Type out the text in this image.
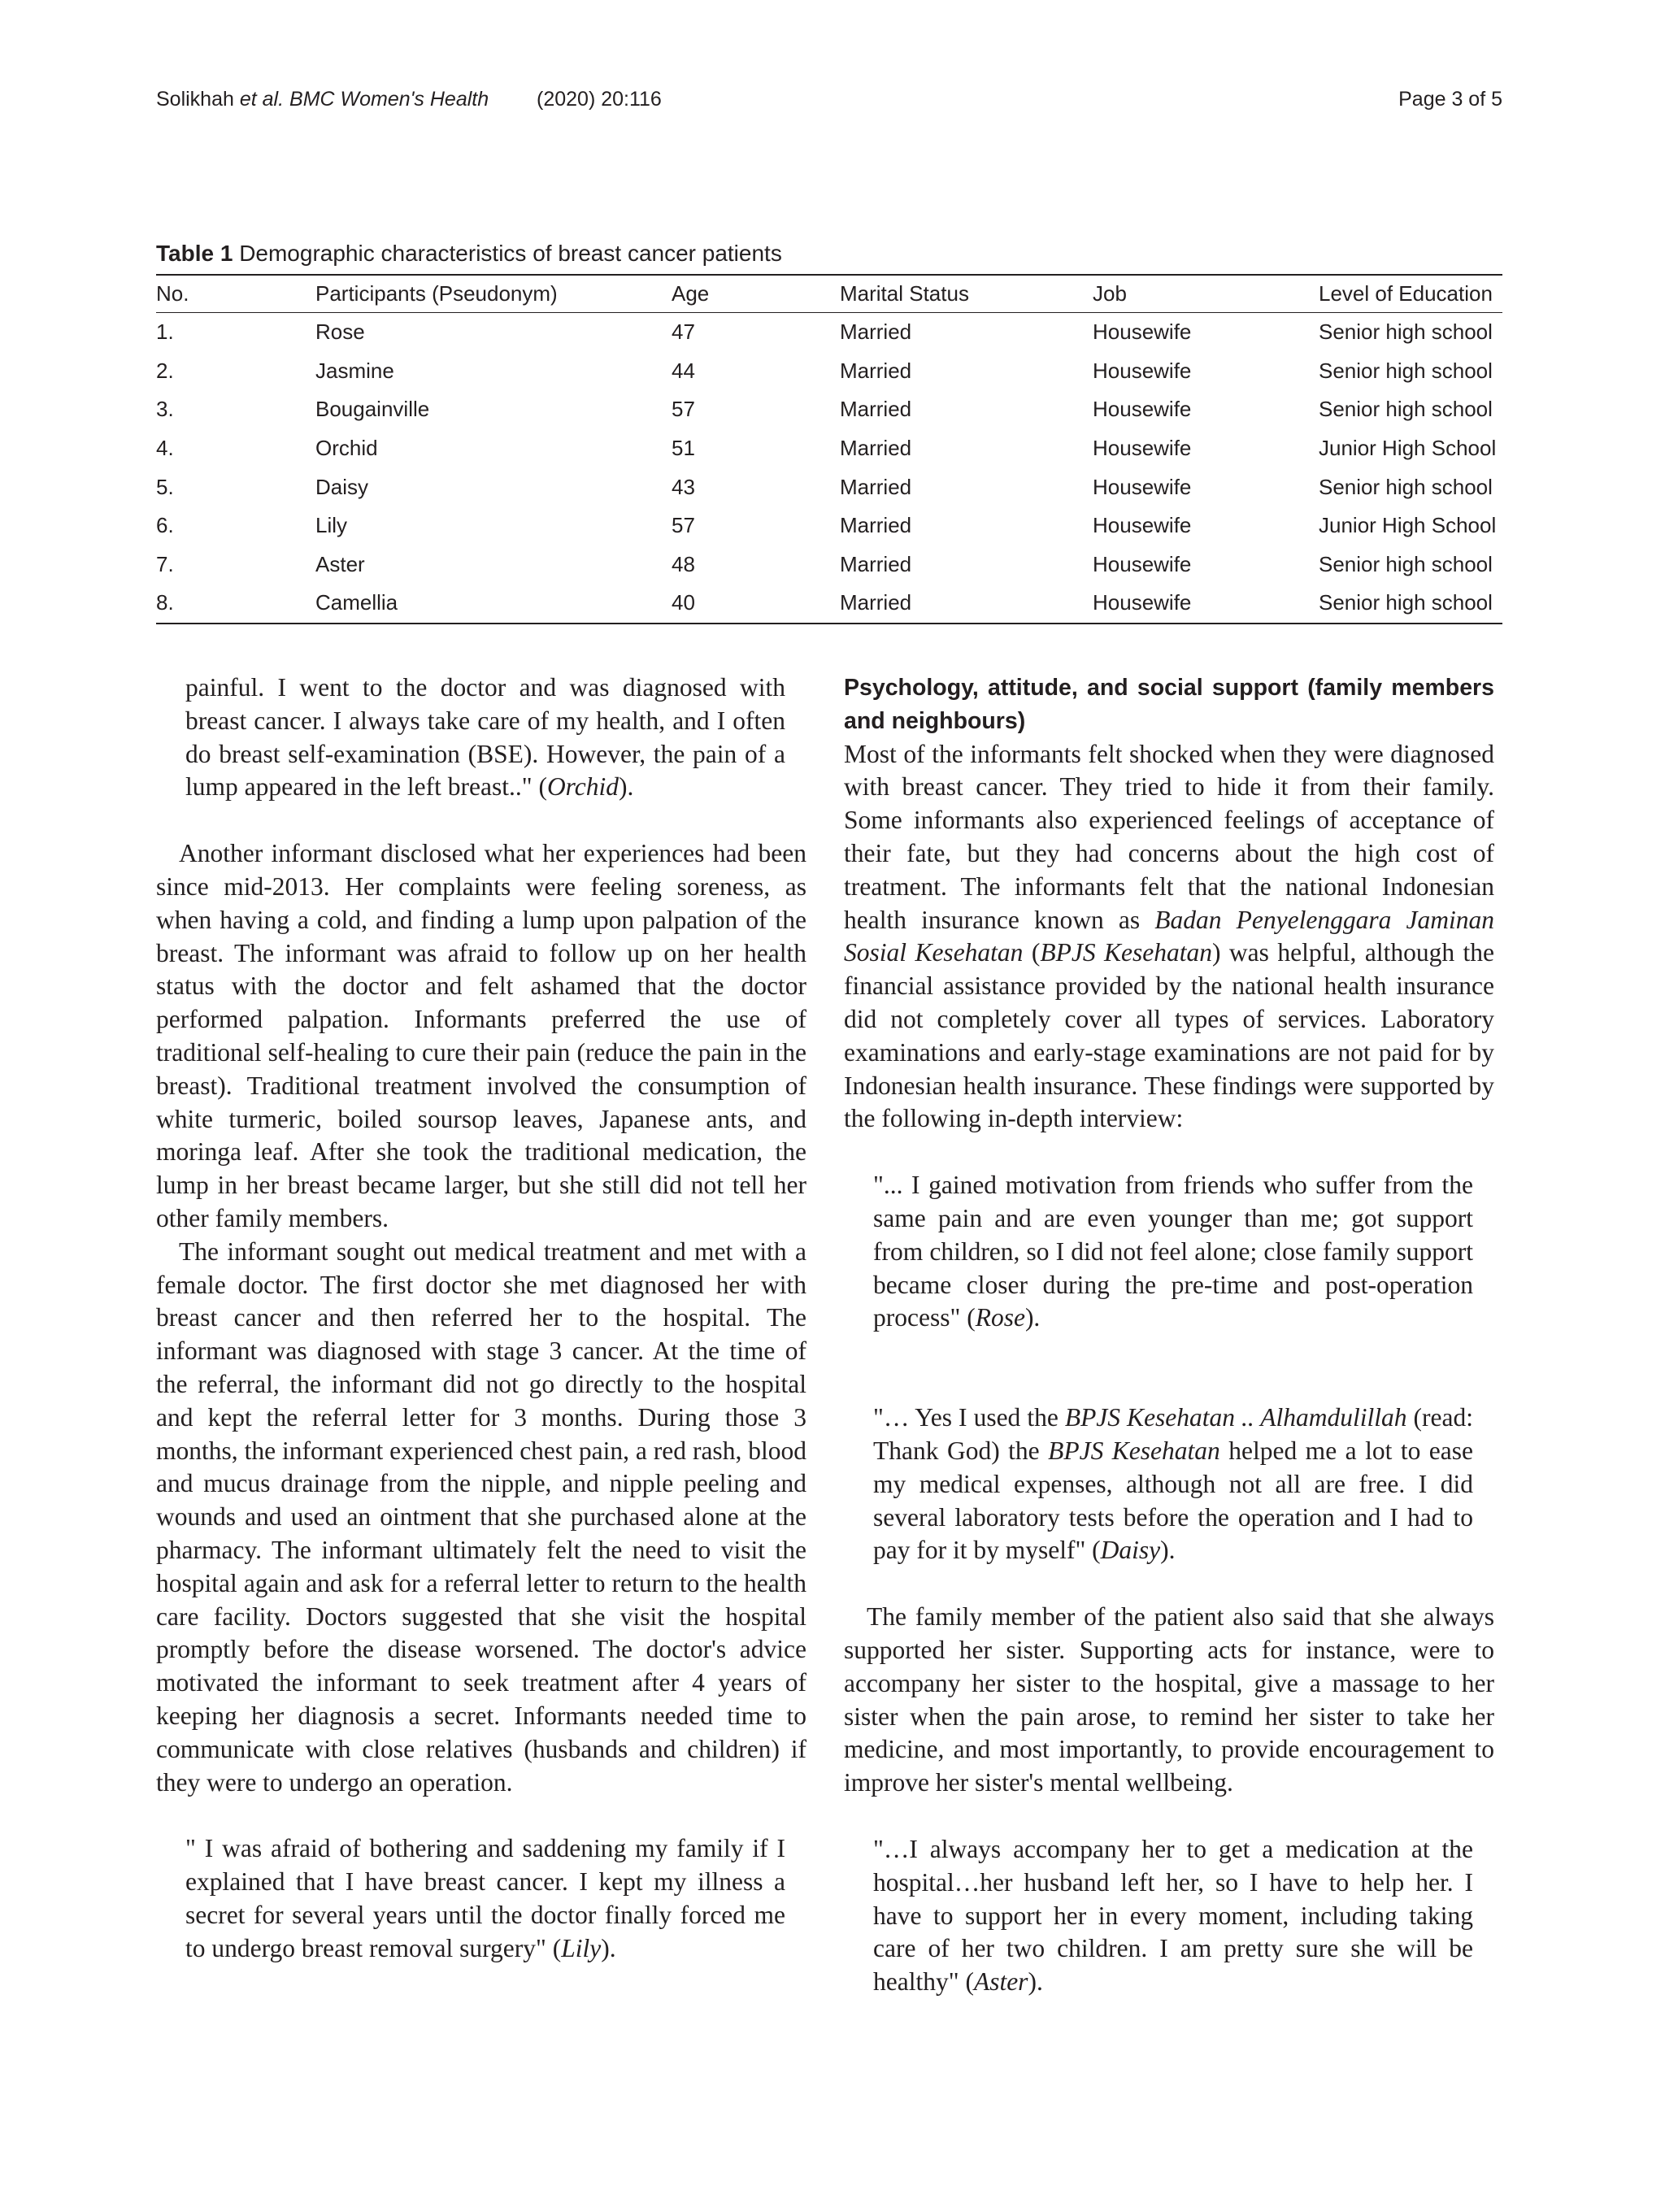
Solikhah et al. BMC Women's Health (2020) 20:116	Page 3 of 5
Table 1 Demographic characteristics of breast cancer patients
No.	Participants (Pseudonym)	Age	Marital Status	Job	Level of Education
1.	Rose	47	Married	Housewife	Senior high school
2.	Jasmine	44	Married	Housewife	Senior high school
3.	Bougainville	57	Married	Housewife	Senior high school
4.	Orchid	51	Married	Housewife	Junior High School
5.	Daisy	43	Married	Housewife	Senior high school
6.	Lily	57	Married	Housewife	Junior High School
7.	Aster	48	Married	Housewife	Senior high school
8.	Camellia	40	Married	Housewife	Senior high school

painful. I went to the doctor and was diagnosed with breast cancer. I always take care of my health, and I often do breast self-examination (BSE). However, the pain of a lump appeared in the left breast.." (Orchid).

Another informant disclosed what her experiences had been since mid-2013. Her complaints were feeling soreness, as when having a cold, and finding a lump upon palpation of the breast. The informant was afraid to follow up on her health status with the doctor and felt ashamed that the doctor performed palpation. Informants preferred the use of traditional self-healing to cure their pain (reduce the pain in the breast). Traditional treatment involved the consumption of white turmeric, boiled soursop leaves, Japanese ants, and moringa leaf. After she took the traditional medication, the lump in her breast became larger, but she still did not tell her other family members.

The informant sought out medical treatment and met with a female doctor. The first doctor she met diagnosed her with breast cancer and then referred her to the hospital. The informant was diagnosed with stage 3 cancer. At the time of the referral, the informant did not go directly to the hospital and kept the referral letter for 3 months. During those 3 months, the informant experienced chest pain, a red rash, blood and mucus drainage from the nipple, and nipple peeling and wounds and used an ointment that she purchased alone at the pharmacy. The informant ultimately felt the need to visit the hospital again and ask for a referral letter to return to the health care facility. Doctors suggested that she visit the hospital promptly before the disease worsened. The doctor's advice motivated the informant to seek treatment after 4 years of keeping her diagnosis a secret. Informants needed time to communicate with close relatives (husbands and children) if they were to undergo an operation.

" I was afraid of bothering and saddening my family if I explained that I have breast cancer. I kept my illness a secret for several years until the doctor finally forced me to undergo breast removal surgery" (Lily).

Psychology, attitude, and social support (family members and neighbours)

Most of the informants felt shocked when they were diagnosed with breast cancer. They tried to hide it from their family. Some informants also experienced feelings of acceptance of their fate, but they had concerns about the high cost of treatment. The informants felt that the national Indonesian health insurance known as Badan Penyelenggara Jaminan Sosial Kesehatan (BPJS Kesehatan) was helpful, although the financial assistance provided by the national health insurance did not completely cover all types of services. Laboratory examinations and early-stage examinations are not paid for by Indonesian health insurance. These findings were supported by the following in-depth interview:

"... I gained motivation from friends who suffer from the same pain and are even younger than me; got support from children, so I did not feel alone; close family support became closer during the pre-time and post-operation process" (Rose).

"… Yes I used the BPJS Kesehatan .. Alhamdulillah (read: Thank God) the BPJS Kesehatan helped me a lot to ease my medical expenses, although not all are free. I did several laboratory tests before the operation and I had to pay for it by myself" (Daisy).

The family member of the patient also said that she always supported her sister. Supporting acts for instance, were to accompany her sister to the hospital, give a massage to her sister when the pain arose, to remind her sister to take her medicine, and most importantly, to provide encouragement to improve her sister's mental wellbeing.

"…I always accompany her to get a medication at the hospital…her husband left her, so I have to help her. I have to support her in every moment, including taking care of her two children. I am pretty sure she will be healthy" (Aster).
